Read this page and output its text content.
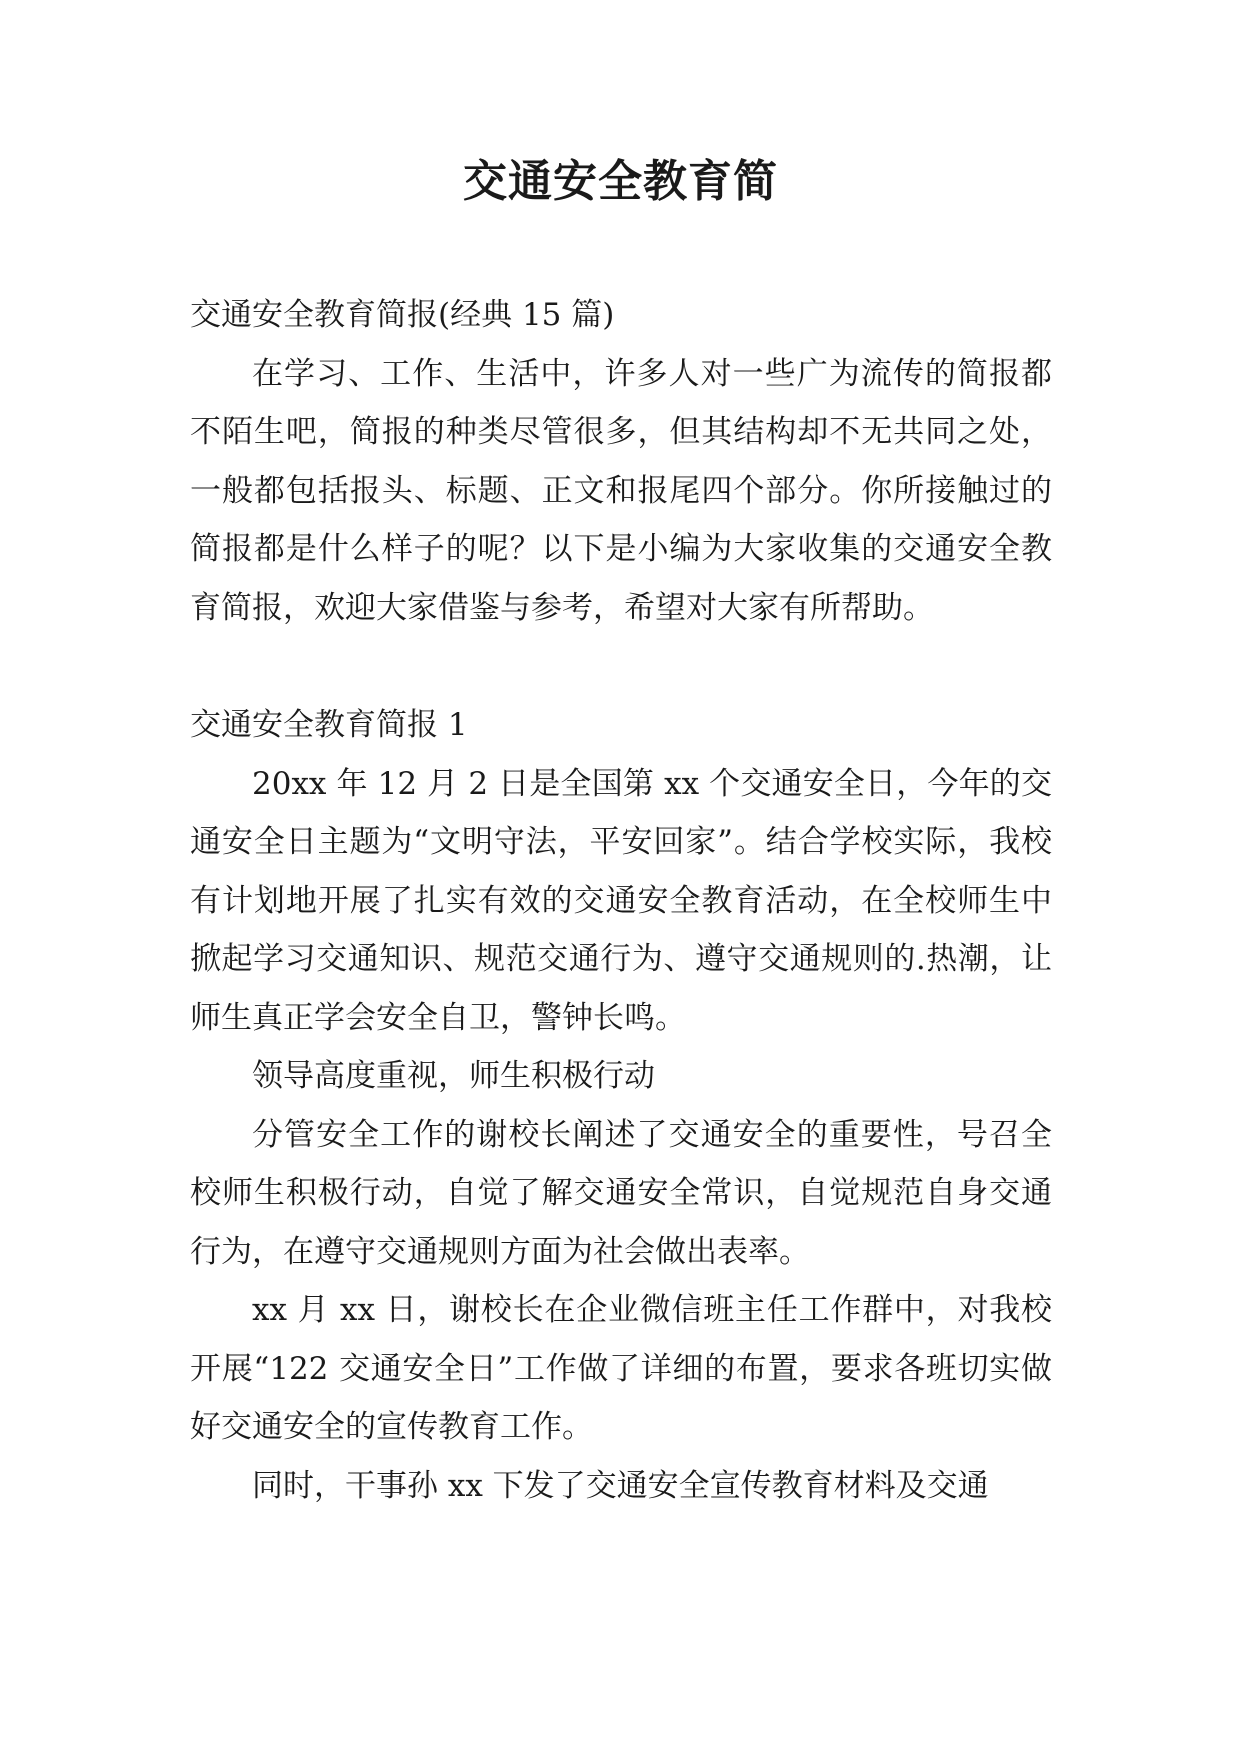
交通安全教育简

交通安全教育简报(经典 15 篇)

在学习、工作、生活中，许多人对一些广为流传的简报都不陌生吧，简报的种类尽管很多，但其结构却不无共同之处，一般都包括报头、标题、正文和报尾四个部分。你所接触过的简报都是什么样子的呢？以下是小编为大家收集的交通安全教育简报，欢迎大家借鉴与参考，希望对大家有所帮助。

交通安全教育简报 1

20xx 年 12 月 2 日是全国第 xx 个交通安全日，今年的交通安全日主题为“文明守法，平安回家”。结合学校实际，我校有计划地开展了扎实有效的交通安全教育活动，在全校师生中掀起学习交通知识、规范交通行为、遵守交通规则的.热潮，让师生真正学会安全自卫，警钟长鸣。

领导高度重视，师生积极行动

分管安全工作的谢校长阐述了交通安全的重要性，号召全校师生积极行动，自觉了解交通安全常识，自觉规范自身交通行为，在遵守交通规则方面为社会做出表率。

xx 月 xx 日，谢校长在企业微信班主任工作群中，对我校开展“122 交通安全日”工作做了详细的布置，要求各班切实做好交通安全的宣传教育工作。

同时，干事孙 xx 下发了交通安全宣传教育材料及交通
